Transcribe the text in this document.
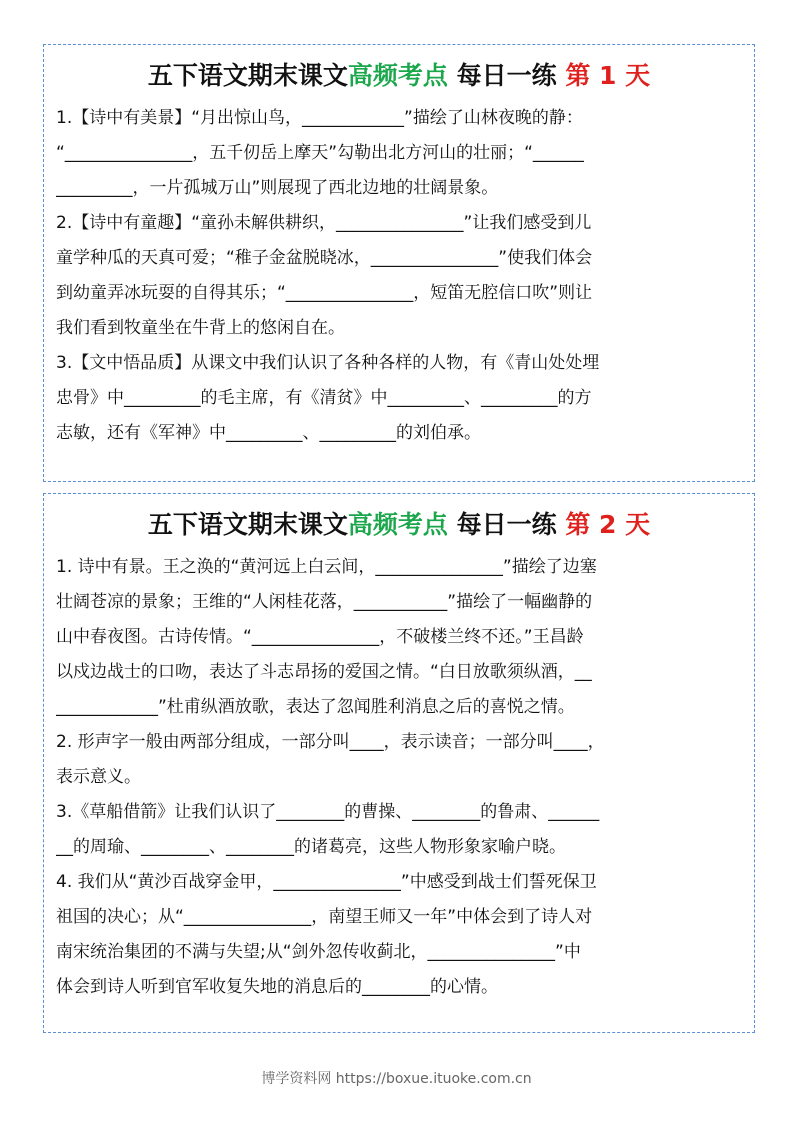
五下语文期末课文高频考点 每日一练 第 1 天
1.【诗中有美景】“月出惊山鸟，____________”描绘了山林夜晚的静：
“_______________，五千仞岳上摩天”勾勒出北方河山的壮丽；“______
_________，一片孤城万山”则展现了西北边地的壮阔景象。
2.【诗中有童趣】“童孙未解供耕织，_______________”让我们感受到儿
童学种瓜的天真可爱；“稚子金盆脱晓冰，_______________”使我们体会
到幼童弄冰玩耍的自得其乐；“_______________，短笛无腔信口吹”则让
我们看到牧童坐在牛背上的悠闲自在。
3.【文中悟品质】从课文中我们认识了各种各样的人物，有《青山处处埋
忠骨》中_________的毛主席，有《清贫》中_________、_________的方
志敏，还有《军神》中_________、_________的刘伯承。
五下语文期末课文高频考点 每日一练 第 2 天
1. 诗中有景。王之涣的“黄河远上白云间，_______________”描绘了边塞
壮阔苍凉的景象；王维的“人闲桂花落，___________”描绘了一幅幽静的
山中春夜图。古诗传情。“_______________，不破楼兰终不还。”王昌龄
以戍边战士的口吻，表达了斗志昂扬的爱国之情。“白日放歌须纵酒，__
____________”杜甫纵酒放歌，表达了忽闻胜利消息之后的喜悦之情。
2. 形声字一般由两部分组成，一部分叫____，表示读音；一部分叫____，
表示意义。
3.《草船借箭》让我们认识了________的曹操、________的鲁肃、______
__的周瑜、________、________的诸葛亮，这些人物形象家喻户晓。
4. 我们从“黄沙百战穿金甲，_______________”中感受到战士们誓死保卫
祖国的决心；从“_______________，南望王师又一年”中体会到了诗人对
南宋统治集团的不满与失望;从“剑外忽传收蓟北，_______________”中
体会到诗人听到官军收复失地的消息后的________的心情。
博学资料网 https://boxue.ituoke.com.cn
